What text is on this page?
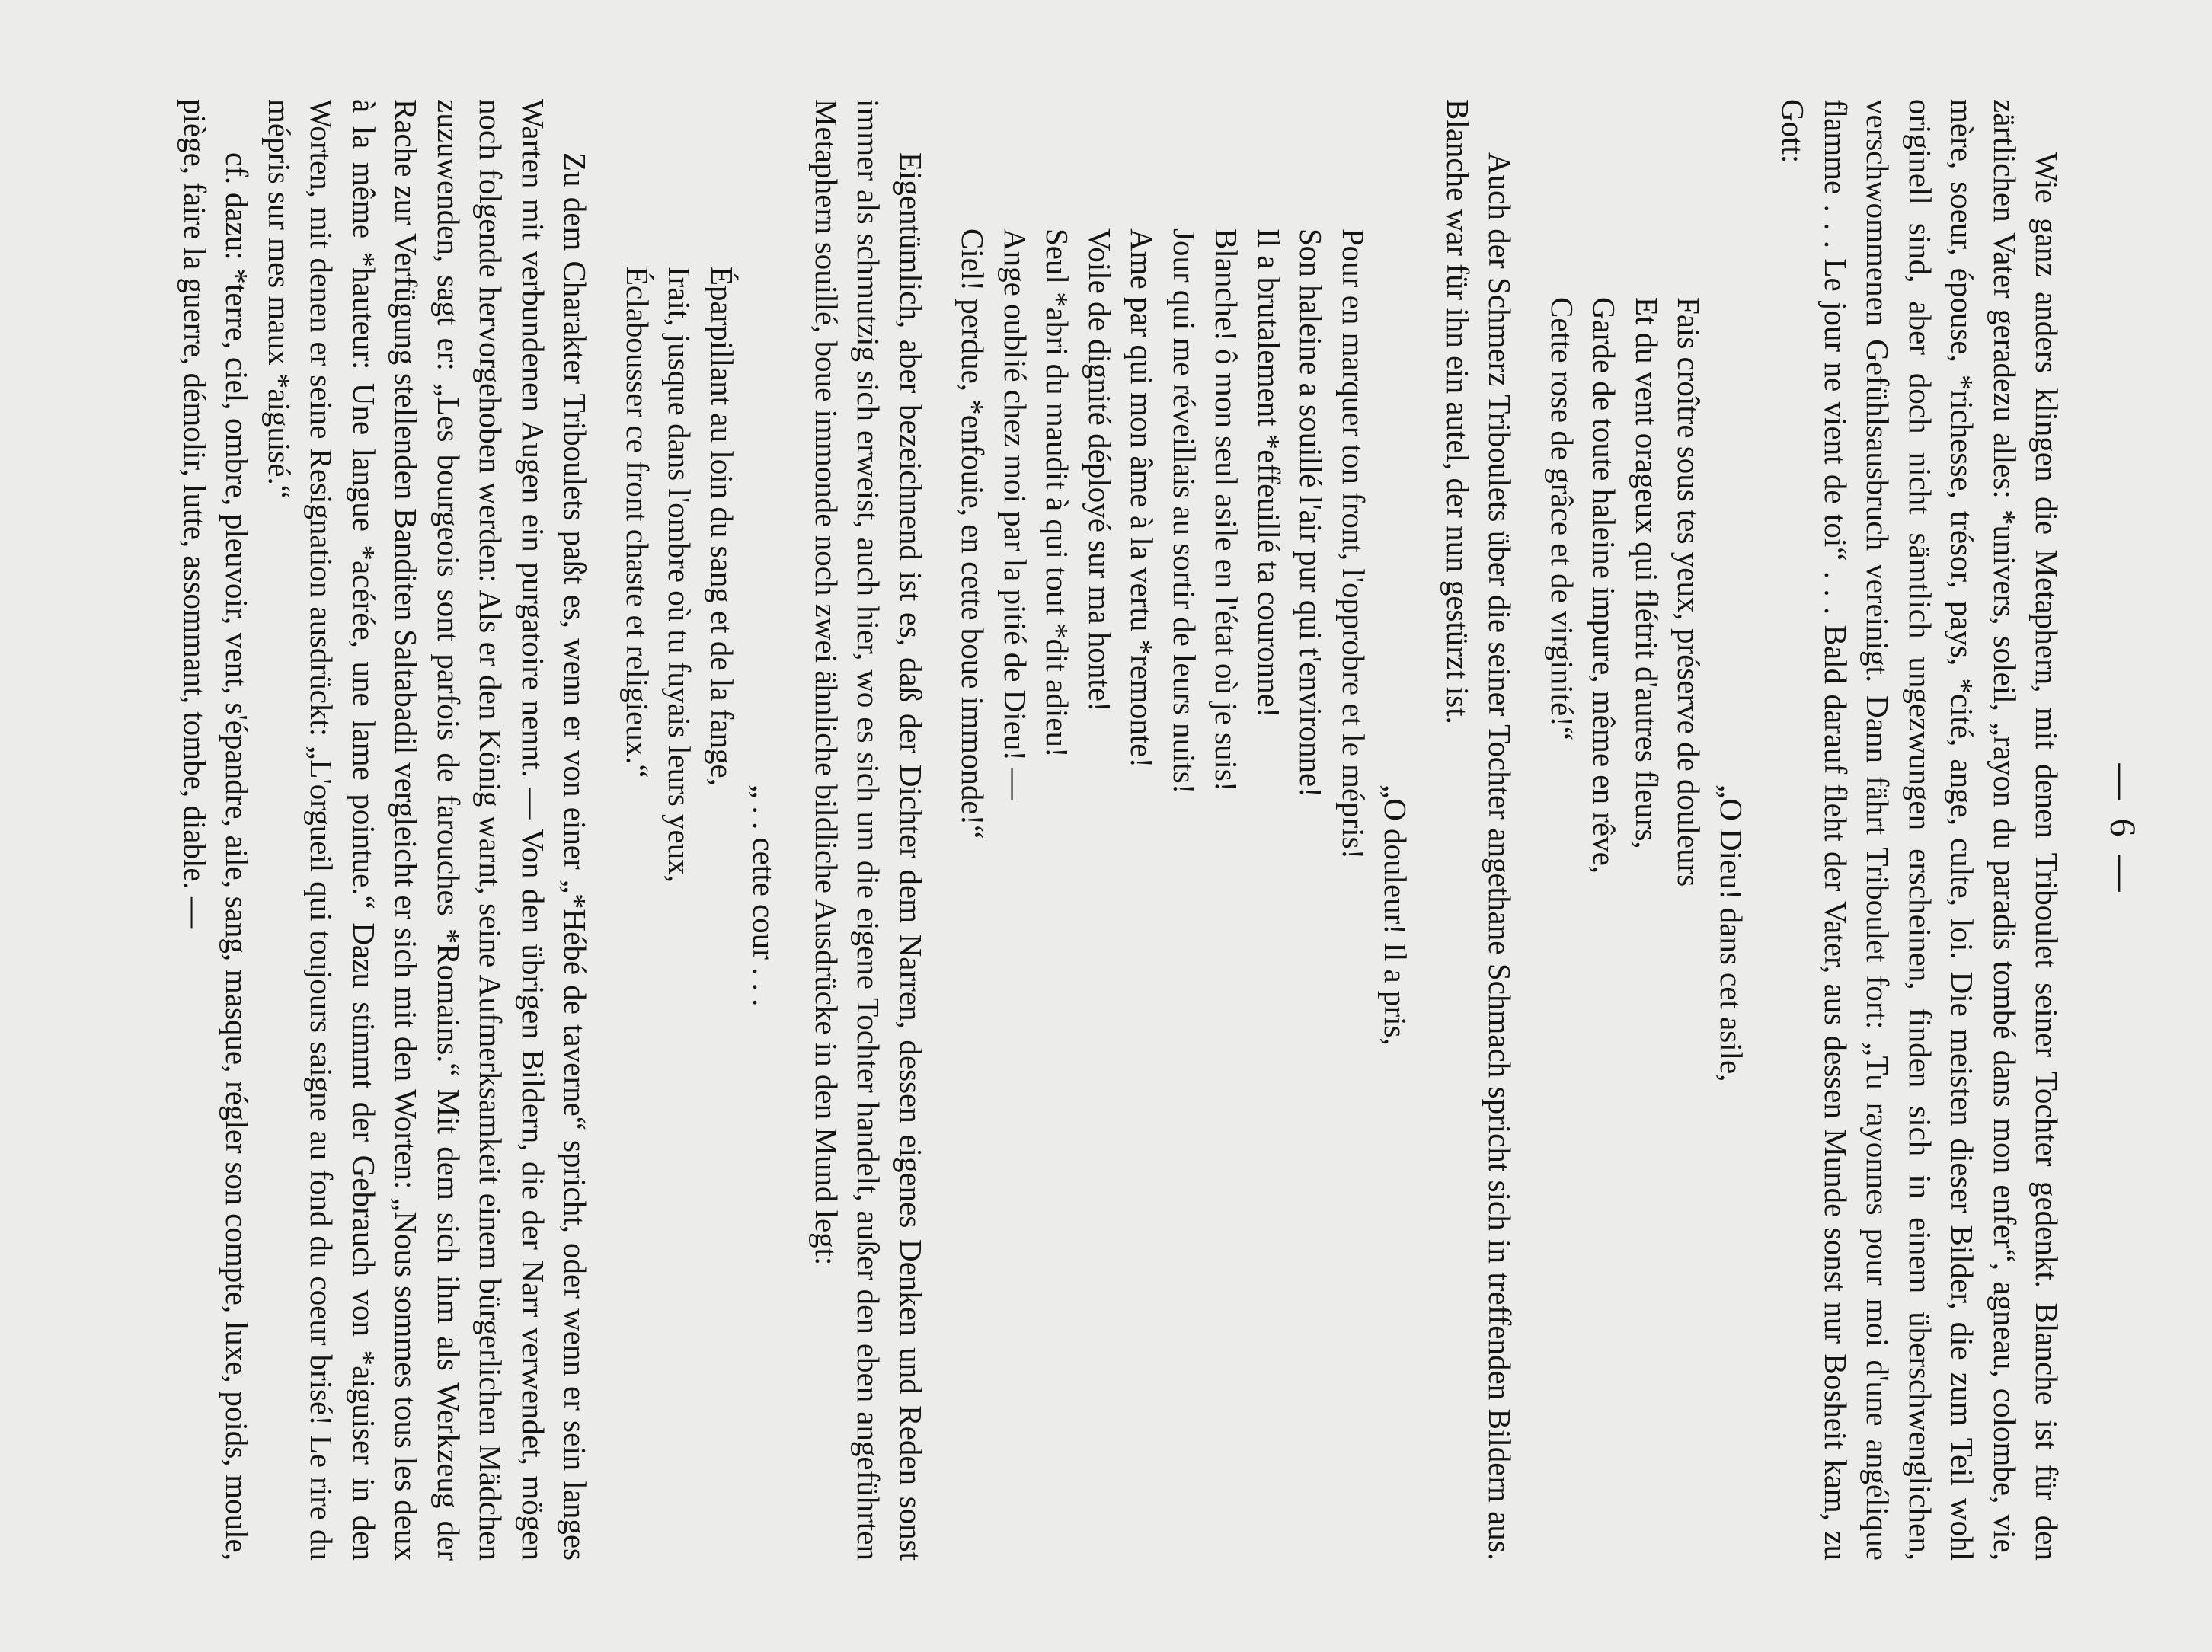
— 6 —

Wie ganz anders klingen die Metaphern, mit denen Triboulet seiner Tochter gedenkt. Blanche ist für den zärtlichen Vater geradezu alles: *univers, soleil, „rayon du paradis tombé dans mon enfer“, agneau, colombe, vie, mère, soeur, épouse, *richesse, trésor, pays, *cité, ange, culte, loi. Die meisten dieser Bilder, die zum Teil wohl originell sind, aber doch nicht sämtlich ungezwungen erscheinen, finden sich in einem überschwenglichen, verschwommenen Gefühlsausbruch vereinigt. Dann fährt Triboulet fort: „Tu rayonnes pour moi d'une angélique flamme . . . Le jour ne vient de toi“ . . . Bald darauf fleht der Vater, aus dessen Munde sonst nur Bosheit kam, zu Gott:

„O Dieu! dans cet asile,
Fais croître sous tes yeux, préserve de douleurs
Et du vent orageux qui flétrit d'autres fleurs,
Garde de toute haleine impure, même en rêve,
Cette rose de grâce et de virginité!“

Auch der Schmerz Triboulets über die seiner Tochter angethane Schmach spricht sich in treffenden Bildern aus. Blanche war für ihn ein autel, der nun gestürzt ist.

„O douleur! Il a pris,
Pour en marquer ton front, l'opprobre et le mépris!
Son haleine a souillé l'air pur qui t'environne!
Il a brutalement *effeuillé ta couronne!
Blanche! ô mon seul asile en l'état où je suis!
Jour qui me réveillais au sortir de leurs nuits!
Ame par qui mon âme à la vertu *remonte!
Voile de dignité déployé sur ma honte!
Seul *abri du maudit à qui tout *dit adieu!
Ange oublié chez moi par la pitié de Dieu! —
Ciel! perdue, *enfouie, en cette boue immonde!“

Eigentümlich, aber bezeichnend ist es, daß der Dichter dem Narren, dessen eigenes Denken und Reden sonst immer als schmutzig sich erweist, auch hier, wo es sich um die eigene Tochter handelt, außer den eben angeführten Metaphern souillé, boue immonde noch zwei ähnliche bildliche Ausdrücke in den Mund legt:

„ . . cette cour . . .
Éparpillant au loin du sang et de la fange,
Irait, jusque dans l'ombre où tu fuyais leurs yeux,
Éclabousser ce front chaste et religieux.“

Zu dem Charakter Triboulets paßt es, wenn er von einer „*Hébé de taverne“ spricht, oder wenn er sein langes Warten mit verbundenen Augen ein purgatoire nennt. — Von den übrigen Bildern, die der Narr verwendet, mögen noch folgende hervorgehoben werden: Als er den König warnt, seine Aufmerksamkeit einem bürgerlichen Mädchen zuzuwenden, sagt er: „Les bourgeois sont parfois de farouches *Romains.“ Mit dem sich ihm als Werkzeug der Rache zur Verfügung stellenden Banditen Saltabadil vergleicht er sich mit den Worten: „Nous sommes tous les deux à la même *hauteur: Une langue *acérée, une lame pointue.“ Dazu stimmt der Gebrauch von *aiguiser in den Worten, mit denen er seine Resignation ausdrückt: „L'orgueil qui toujours saigne au fond du coeur brisé! Le rire du mépris sur mes maux *aiguisé.“

cf. dazu: *terre, ciel, ombre, pleuvoir, vent, s'épandre, aile, sang, masque, régler son compte, luxe, poids, moule, piège, faire la guerre, démolir, lutte, assommant, tombe, diable. —
